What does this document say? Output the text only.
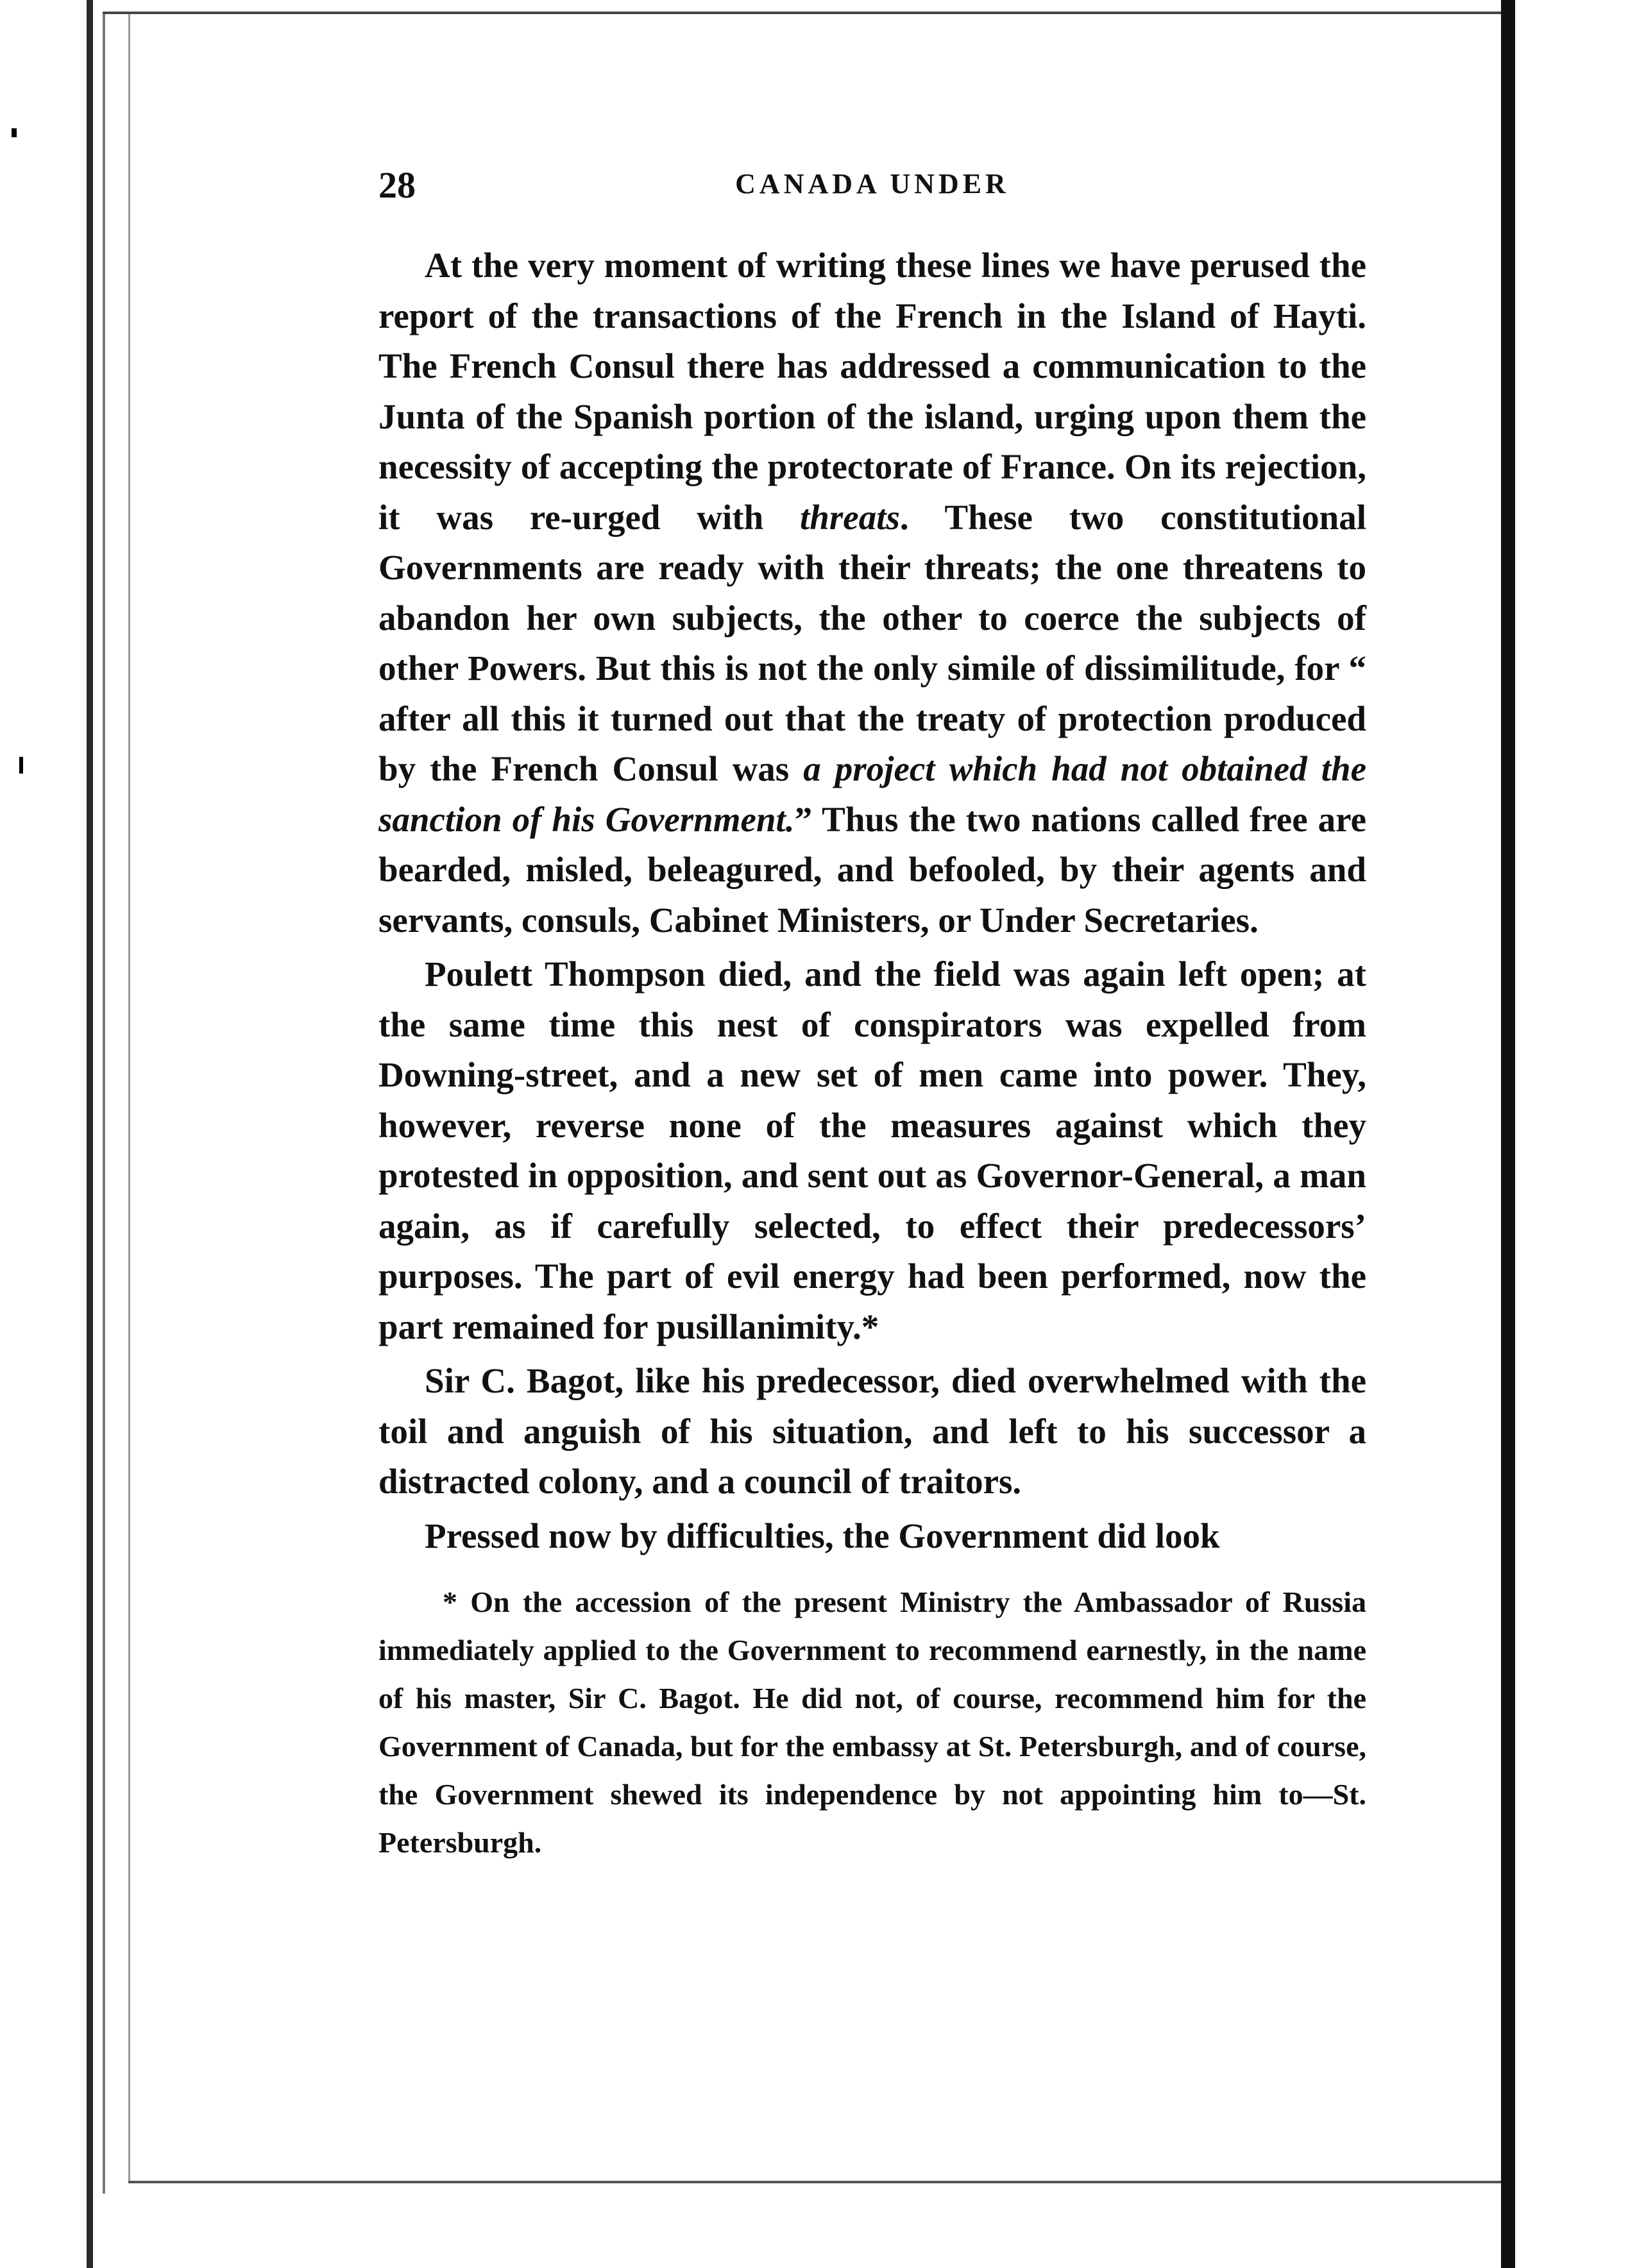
28	CANADA UNDER

At the very moment of writing these lines we have perused the report of the transactions of the French in the Island of Hayti. The French Consul there has addressed a communication to the Junta of the Spanish portion of the island, urging upon them the necessity of accepting the protectorate of France. On its rejection, it was re-urged with threats. These two constitutional Governments are ready with their threats; the one threatens to abandon her own subjects, the other to coerce the subjects of other Powers. But this is not the only simile of dissimilitude, for “ after all this it turned out that the treaty of protection produced by the French Consul was a project which had not obtained the sanction of his Government.” Thus the two nations called free are bearded, misled, beleagured, and befooled, by their agents and servants, consuls, Cabinet Ministers, or Under Secretaries.

Poulett Thompson died, and the field was again left open; at the same time this nest of conspirators was expelled from Downing-street, and a new set of men came into power. They, however, reverse none of the measures against which they protested in opposition, and sent out as Governor-General, a man again, as if carefully selected, to effect their predecessors’ purposes. The part of evil energy had been performed, now the part remained for pusillanimity.*

Sir C. Bagot, like his predecessor, died overwhelmed with the toil and anguish of his situation, and left to his successor a distracted colony, and a council of traitors.

Pressed now by difficulties, the Government did look

* On the accession of the present Ministry the Ambassador of Russia immediately applied to the Government to recommend earnestly, in the name of his master, Sir C. Bagot. He did not, of course, recommend him for the Government of Canada, but for the embassy at St. Petersburgh, and of course, the Government shewed its independence by not appointing him to—St. Petersburgh.
